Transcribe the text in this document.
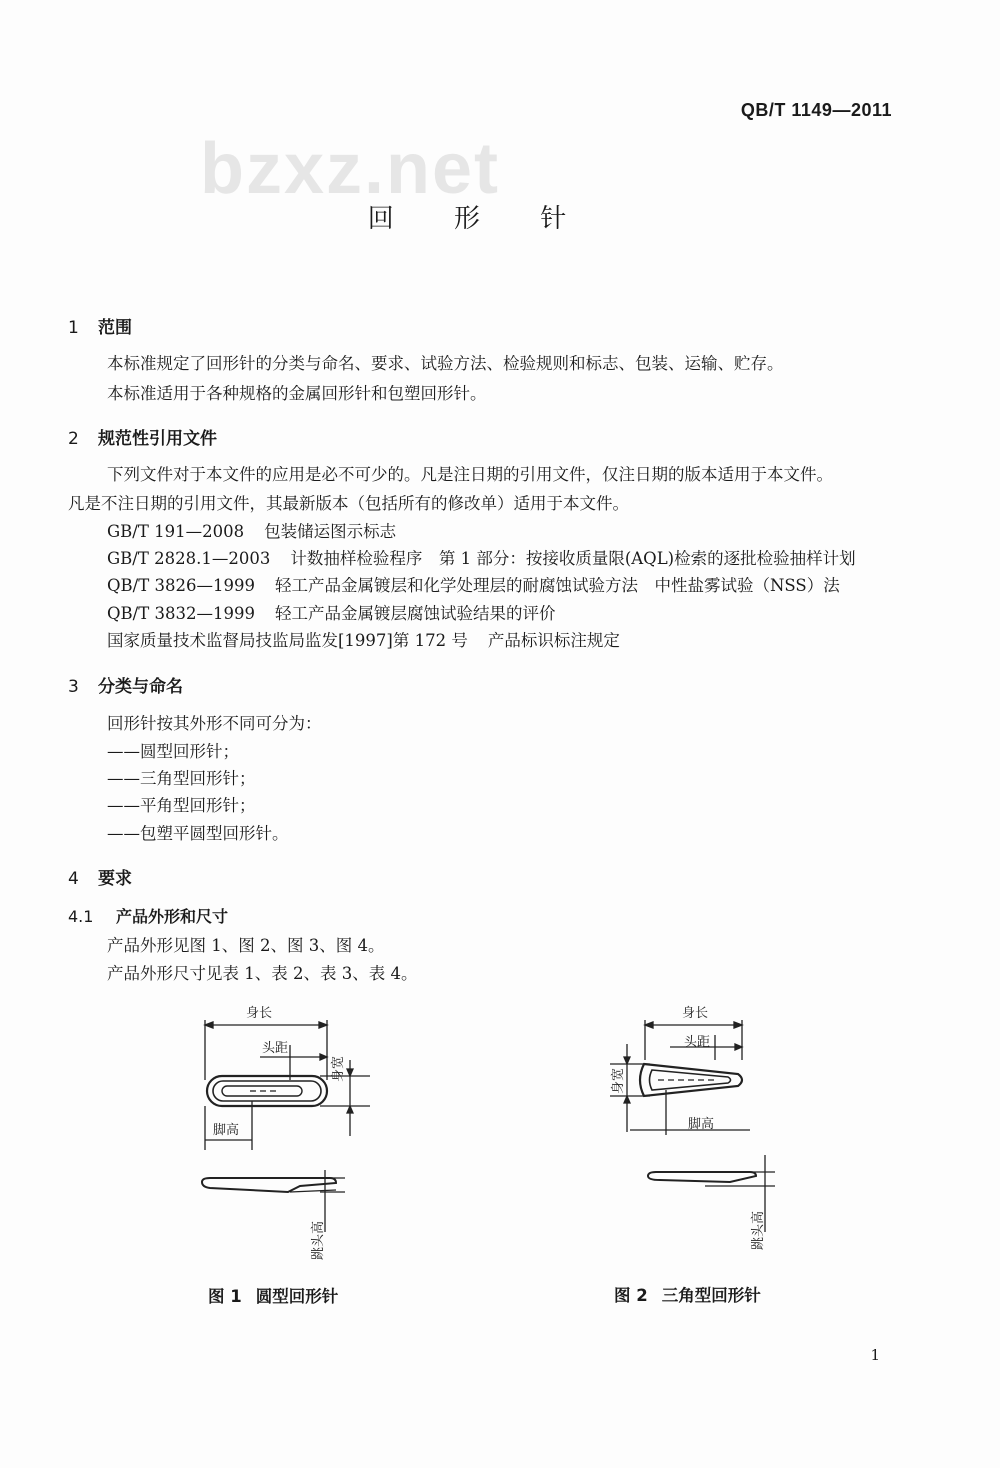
QB/T 1149—2011
bzxz.net
回 形 针
1 范围
本标准规定了回形针的分类与命名、要求、试验方法、检验规则和标志、包装、运输、贮存。
本标准适用于各种规格的金属回形针和包塑回形针。
2 规范性引用文件
下列文件对于本文件的应用是必不可少的。凡是注日期的引用文件，仅注日期的版本适用于本文件。
凡是不注日期的引用文件，其最新版本（包括所有的修改单）适用于本文件。
GB/T 191—2008 包装储运图示标志
GB/T 2828.1—2003 计数抽样检验程序　第 1 部分：按接收质量限(AQL)检索的逐批检验抽样计划
QB/T 3826—1999 轻工产品金属镀层和化学处理层的耐腐蚀试验方法　中性盐雾试验（NSS）法
QB/T 3832—1999 轻工产品金属镀层腐蚀试验结果的评价
国家质量技术监督局技监局监发[1997]第 172 号 产品标识标注规定
3 分类与命名
回形针按其外形不同可分为：
——圆型回形针；
——三角型回形针；
——平角型回形针；
——包塑平圆型回形针。
4 要求
4.1 产品外形和尺寸
产品外形见图 1、图 2、图 3、图 4。
产品外形尺寸见表 1、表 2、表 3、表 4。
身长
头距
脚高
身宽
跳头高
身长
头距
脚高
身宽
跳头高
图 1 圆型回形针	图 2 三角型回形针
1
